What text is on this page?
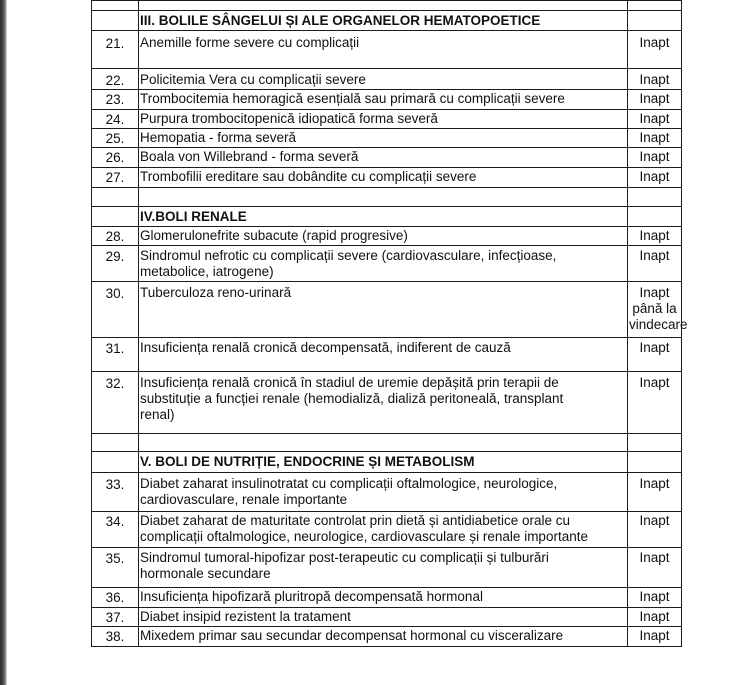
	III. BOLILE SÂNGELUI ȘI ALE ORGANELOR HEMATOPOETICE	

21.	Anemille forme severe cu complicații	Inapt

22.	Policitemia Vera cu complicații severe	Inapt

23.	Trombocitemia hemoragică esențială sau primară cu complicații severe	Inapt

24.	Purpura trombocitopenică idiopatică forma severă	Inapt

25.	Hemopatia - forma severă	Inapt

26.	Boala von Willebrand - forma severă	Inapt

27.	Trombofilii ereditare sau dobândite cu complicații severe	Inapt

	IV.BOLI RENALE	

28.	Glomerulonefrite subacute (rapid progresive)	Inapt

29.	Sindromul nefrotic cu complicații severe (cardiovasculare, infecțioase,
metabolice, iatrogene)	Inapt

30.	Tuberculoza reno-urinară	Inapt
până la
vindecare

31.	Insuficiența renală cronică decompensată, indiferent de cauză	Inapt

32.	Insuficiența renală cronică în stadiul de uremie depășită prin terapii de
substituție a funcției renale (hemodializă, dializă peritoneală, transplant
renal)	Inapt

	V. BOLI DE NUTRIȚIE, ENDOCRINE ȘI METABOLISM	

33.	Diabet zaharat insulinotratat cu complicații oftalmologice, neurologice,
cardiovasculare, renale importante	Inapt

34.	Diabet zaharat de maturitate controlat prin dietă și antidiabetice orale cu
complicații oftalmologice, neurologice, cardiovasculare și renale importante	Inapt

35.	Sindromul tumoral-hipofizar post-terapeutic cu complicații și tulburări
hormonale secundare	Inapt

36.	Insuficiența hipofizară pluritropă decompensată hormonal	Inapt

37.	Diabet insipid rezistent la tratament	Inapt

38.	Mixedem primar sau secundar decompensat hormonal cu visceralizare	Inapt
